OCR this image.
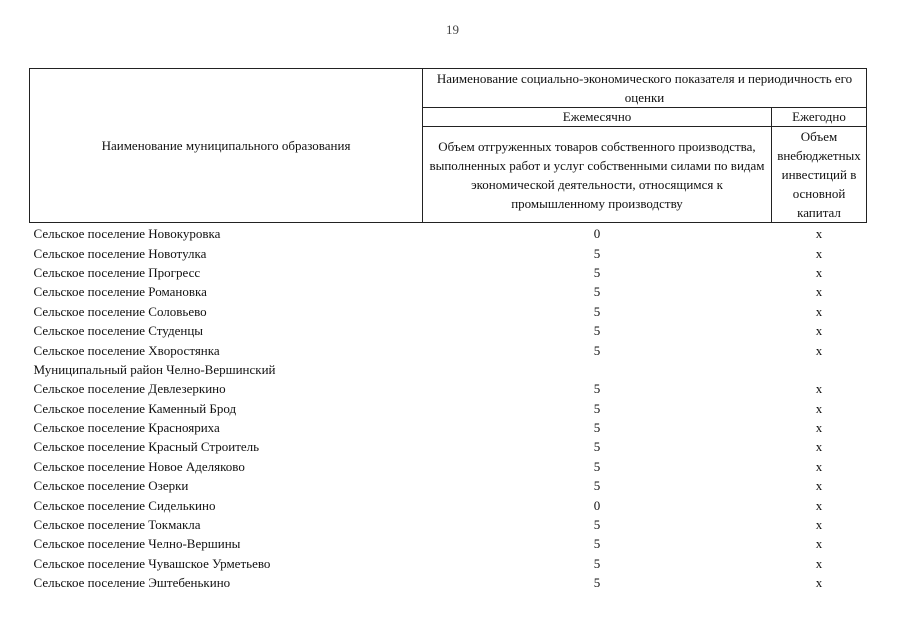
19
Наименование муниципального образования	Наименование социально-экономического показателя и периодичность его оценки	
	Ежемесячно	Ежегодно
	Объем отгруженных товаров собственного производства, выполненных работ и услуг собственными силами по видам экономической деятельности, относящимся к промышленному производству	Объем внебюджетных инвестиций в основной капитал
Сельское поселение Новокуровка	0	х
Сельское поселение Новотулка	5	х
Сельское поселение Прогресс	5	х
Сельское поселение Романовка	5	х
Сельское поселение Соловьево	5	х
Сельское поселение Студенцы	5	х
Сельское поселение Хворостянка	5	х
Муниципальный район Челно-Вершинский		
Сельское поселение Девлезеркино	5	х
Сельское поселение Каменный Брод	5	х
Сельское поселение Краснояриха	5	х
Сельское поселение Красный Строитель	5	х
Сельское поселение Новое Аделяково	5	х
Сельское поселение Озерки	5	х
Сельское поселение Сиделькино	0	х
Сельское поселение Токмакла	5	х
Сельское поселение Челно-Вершины	5	х
Сельское поселение Чувашское Урметьево	5	х
Сельское поселение Эштебенькино	5	х
